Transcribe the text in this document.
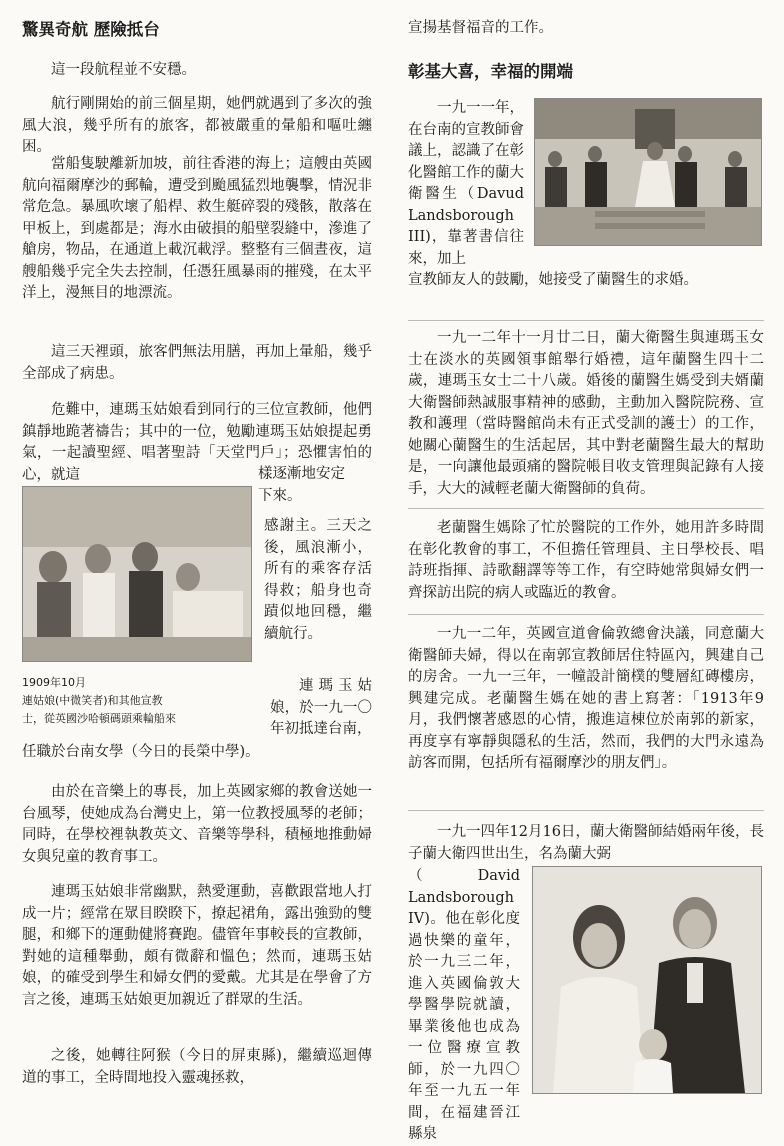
驚異奇航 歷險抵台

這一段航程並不安穩。

航行剛開始的前三個星期，她們就遇到了多次的強風大浪，幾乎所有的旅客，都被嚴重的暈船和嘔吐纏困。

當船隻駛離新加坡，前往香港的海上；這艘由英國航向福爾摩沙的郵輪，遭受到颱風猛烈地襲擊，情況非常危急。暴風吹壞了船桿、救生艇碎裂的殘骸，散落在甲板上，到處都是；海水由破損的船壁裂縫中，滲進了艙房，物品，在通道上載沉載浮。整整有三個晝夜，這艘船幾乎完全失去控制，任憑狂風暴雨的摧殘，在太平洋上，漫無目的地漂流。

這三天裡頭，旅客們無法用膳，再加上暈船，幾乎全部成了病患。

危難中，連瑪玉姑娘看到同行的三位宣教師，他們鎮靜地跪著禱告；其中的一位，勉勵連瑪玉姑娘提起勇氣，一起讀聖經、唱著聖詩「天堂門戶」；恐懼害怕的心，就這	樣逐漸地安定

下來。

感謝主。三天之後，風浪漸小，所有的乘客存活得救；船身也奇蹟似地回穩，繼續航行。

1909年10月
連姑娘(中微笑者)和其他宣教
士，從英國沙哈頓碼頭乘輪船來

連瑪玉姑娘，於一九一〇年初抵達台南，

任職於台南女學（今日的長榮中學)。

由於在音樂上的專長，加上英國家鄉的教會送她一台風琴，使她成為台灣史上，第一位教授風琴的老師；同時，在學校裡執教英文、音樂等學科，積極地推動婦女與兒童的教育事工。

連瑪玉姑娘非常幽默，熱愛運動，喜歡跟當地人打成一片；經常在眾目睽睽下，撩起裙角，露出強勁的雙腿，和鄉下的運動健將賽跑。儘管年事較長的宣教師，對她的這種舉動，頗有微辭和慍色；然而，連瑪玉姑娘，的確受到學生和婦女們的愛戴。尤其是在學會了方言之後，連瑪玉姑娘更加親近了群眾的生活。

之後，她轉往阿猴（今日的屏東縣)，繼續巡迴傳道的事工，全時間地投入靈魂拯救，

宣揚基督福音的工作。

彰基大喜，幸福的開端

一九一一年，在台南的宣教師會議上，認識了在彰化醫館工作的蘭大衛醫生（Davud Landsborough III)，靠著書信往來，加上

宣教師友人的鼓勵，她接受了蘭醫生的求婚。

一九一二年十一月廿二日，蘭大衛醫生與連瑪玉女士在淡水的英國領事館舉行婚禮，這年蘭醫生四十二歲，連瑪玉女士二十八歲。婚後的蘭醫生媽受到夫婿蘭大衛醫師熱誠服事精神的感動，主動加入醫院院務、宣教和護理（當時醫館尚未有正式受訓的護士）的工作，她關心蘭醫生的生活起居，其中對老蘭醫生最大的幫助是，一向讓他最頭痛的醫院帳目收支管理與記錄有人接手，大大的減輕老蘭大衛醫師的負荷。

老蘭醫生媽除了忙於醫院的工作外，她用許多時間在彰化教會的事工，不但擔任管理員、主日學校長、唱詩班指揮、詩歌翻譯等等工作，有空時她常與婦女們一齊探訪出院的病人或臨近的教會。

一九一二年，英國宣道會倫敦總會決議，同意蘭大衛醫師夫婦，得以在南郭宣教師居住特區內，興建自己的房舍。一九一三年，一幢設計簡樸的雙層紅磚樓房，興建完成。老蘭醫生媽在她的書上寫著：「1913年9月，我們懷著感恩的心情，搬進這棟位於南郭的新家，再度享有寧靜與隱私的生活，然而，我們的大門永遠為訪客而開，包括所有福爾摩沙的朋友們」。

一九一四年12月16日，蘭大衛醫師結婚兩年後，長子蘭大衛四世出生，名為蘭大弼

（David Landsborough IV)。他在彰化度過快樂的童年，於一九三二年，進入英國倫敦大學醫學院就讀，畢業後他也成為一位醫療宣教師，於一九四〇年至一九五一年間，在福建晉江縣泉
